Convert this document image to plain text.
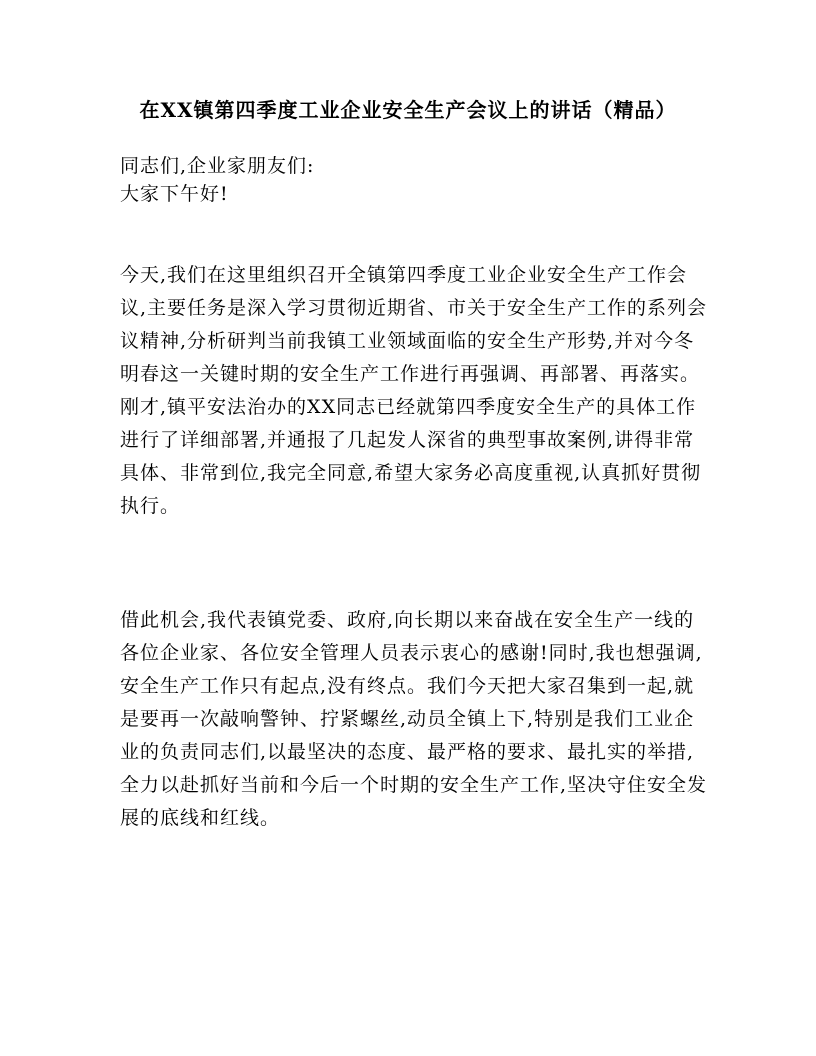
在XX镇第四季度工业企业安全生产会议上的讲话（精品）

同志们,企业家朋友们:

大家下午好!

今天,我们在这里组织召开全镇第四季度工业企业安全生产工作会议,主要任务是深入学习贯彻近期省、市关于安全生产工作的系列会议精神,分析研判当前我镇工业领域面临的安全生产形势,并对今冬明春这一关键时期的安全生产工作进行再强调、再部署、再落实。刚才,镇平安法治办的XX同志已经就第四季度安全生产的具体工作进行了详细部署,并通报了几起发人深省的典型事故案例,讲得非常具体、非常到位,我完全同意,希望大家务必高度重视,认真抓好贯彻执行。

借此机会,我代表镇党委、政府,向长期以来奋战在安全生产一线的各位企业家、各位安全管理人员表示衷心的感谢!同时,我也想强调,安全生产工作只有起点,没有终点。我们今天把大家召集到一起,就是要再一次敲响警钟、拧紧螺丝,动员全镇上下,特别是我们工业企业的负责同志们,以最坚决的态度、最严格的要求、最扎实的举措,全力以赴抓好当前和今后一个时期的安全生产工作,坚决守住安全发展的底线和红线。
